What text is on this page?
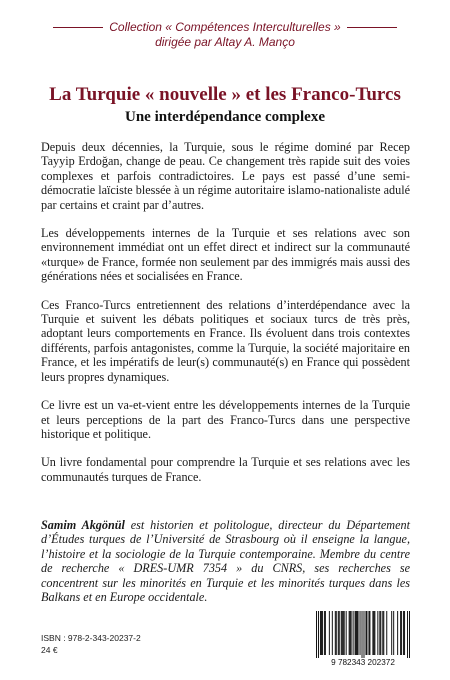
Collection « Compétences Interculturelles »
dirigée par Altay A. Manço
La Turquie « nouvelle » et les Franco-Turcs
Une interdépendance complexe

Depuis deux décennies, la Turquie, sous le régime dominé par Recep Tayyip Erdoğan, change de peau. Ce changement très rapide suit des voies complexes et parfois contradictoires. Le pays est passé d’une semi-démocratie laïciste blessée à un régime autoritaire islamo-nationaliste adulé par certains et craint par d’autres.

Les développements internes de la Turquie et ses relations avec son environnement immédiat ont un effet direct et indirect sur la communauté «turque» de France, formée non seulement par des immigrés mais aussi des générations nées et socialisées en France.

Ces Franco-Turcs entretiennent des relations d’interdépendance avec la Turquie et suivent les débats politiques et sociaux turcs de très près, adoptant leurs comportements en France. Ils évoluent dans trois contextes différents, parfois antagonistes, comme la Turquie, la société majoritaire en France, et les impératifs de leur(s) communauté(s) en France qui possèdent leurs propres dynamiques.

Ce livre est un va-et-vient entre les développements internes de la Turquie et leurs perceptions de la part des Franco-Turcs dans une perspective historique et politique.

Un livre fondamental pour comprendre la Turquie et ses relations avec les communautés turques de France.

Samim Akgönül est historien et politologue, directeur du Département d’Études turques de l’Université de Strasbourg où il enseigne la langue, l’histoire et la sociologie de la Turquie contemporaine. Membre du centre de recherche « DRES-UMR 7354 » du CNRS, ses recherches se concentrent sur les minorités en Turquie et les minorités turques dans les Balkans et en Europe occidentale.

ISBN : 978-2-343-20237-2
24 €
9 782343 202372
